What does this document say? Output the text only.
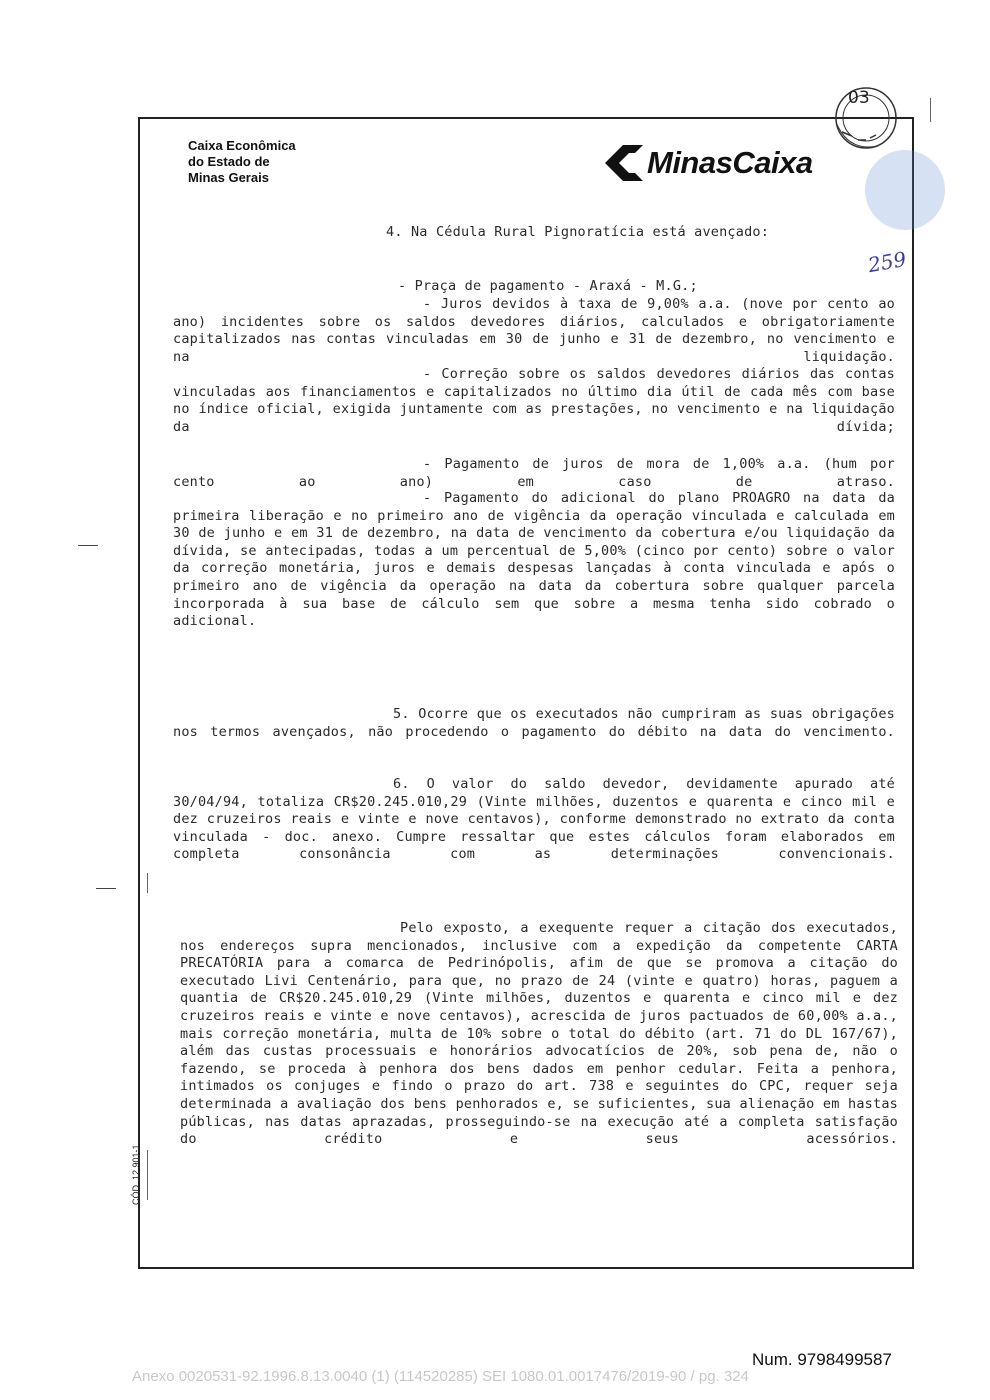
Caixa Econômica
do Estado de
Minas Gerais	MinasCaixa
03
259
4. Na Cédula Rural Pignoratícia está avençado:
- Praça de pagamento - Araxá - M.G.;
- Juros devidos à taxa de 9,00% a.a. (nove por cento ao ano) incidentes sobre os saldos devedores diários, calculados e obrigatoriamente capitalizados nas contas vinculadas em 30 de junho e 31 de dezembro, no vencimento e na liquidação.
- Correção sobre os saldos devedores diários das contas vinculadas aos financiamentos e capitalizados no último dia útil de cada mês com base no índice oficial, exigida juntamente com as prestações, no vencimento e na liquidação da dívida;
- Pagamento de juros de mora de 1,00% a.a. (hum por cento ao ano) em caso de atraso.
- Pagamento do adicional do plano PROAGRO na data da primeira liberação e no primeiro ano de vigência da operação vinculada e calculada em 30 de junho e em 31 de dezembro, na data de vencimento da cobertura e/ou liquidação da dívida, se antecipadas, todas a um percentual de 5,00% (cinco por cento) sobre o valor da correção monetária, juros e demais despesas lançadas à conta vinculada e após o primeiro ano de vigência da operação na data da cobertura sobre qualquer parcela incorporada à sua base de cálculo sem que sobre a mesma tenha sido cobrado o adicional.
5. Ocorre que os executados não cumpriram as suas obrigações nos termos avençados, não procedendo o pagamento do débito na data do vencimento.
6. O valor do saldo devedor, devidamente apurado até 30/04/94, totaliza CR$20.245.010,29 (Vinte milhões, duzentos e quarenta e cinco mil e dez cruzeiros reais e vinte e nove centavos), conforme demonstrado no extrato da conta vinculada - doc. anexo. Cumpre ressaltar que estes cálculos foram elaborados em completa consonância com as determinações convencionais.
Pelo exposto, a exequente requer a citação dos executados, nos endereços supra mencionados, inclusive com a expedição da competente CARTA PRECATÓRIA para a comarca de Pedrinópolis, afim de que se promova a citação do executado Livi Centenário, para que, no prazo de 24 (vinte e quatro) horas, paguem a quantia de CR$20.245.010,29 (Vinte milhões, duzentos e quarenta e cinco mil e dez cruzeiros reais e vinte e nove centavos), acrescida de juros pactuados de 60,00% a.a., mais correção monetária, multa de 10% sobre o total do débito (art. 71 do DL 167/67), além das custas processuais e honorários advocatícios de 20%, sob pena de, não o fazendo, se proceda à penhora dos bens dados em penhor cedular. Feita a penhora, intimados os conjuges e findo o prazo do art. 738 e seguintes do CPC, requer seja determinada a avaliação dos bens penhorados e, se suficientes, sua alienação em hastas públicas, nas datas aprazadas, prosseguindo-se na execução até a completa satisfação do crédito e seus acessórios.
CÓD. 12.901-1
Num. 9798499587
Anexo 0020531-92.1996.8.13.0040 (1) (114520285) SEI 1080.01.0017476/2019-90 / pg. 324
